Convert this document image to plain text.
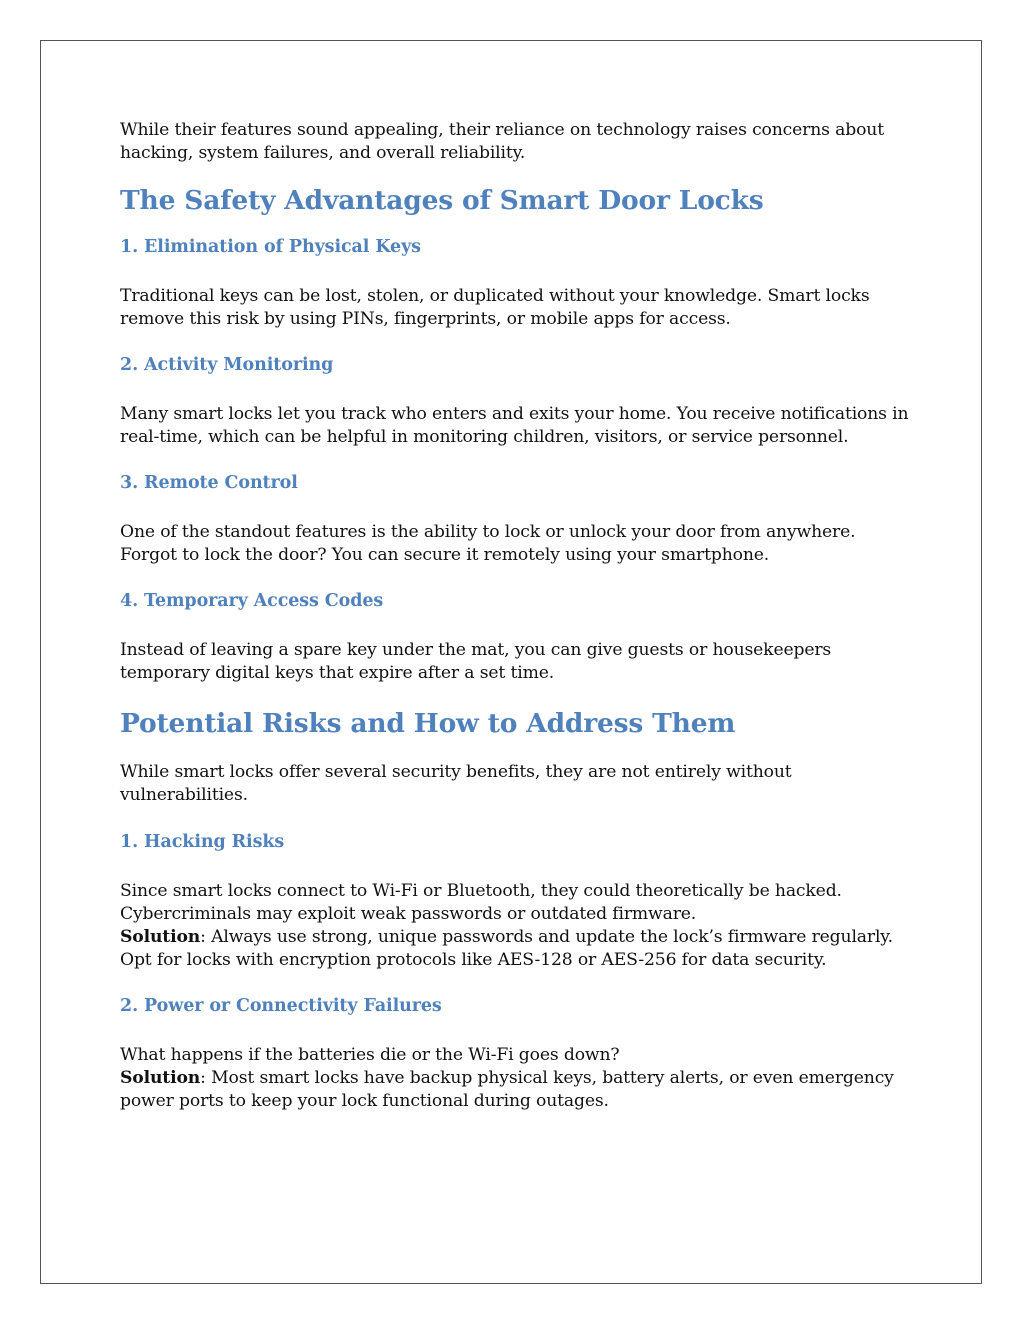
While their features sound appealing, their reliance on technology raises concerns about hacking, system failures, and overall reliability.

The Safety Advantages of Smart Door Locks
1. Elimination of Physical Keys

Traditional keys can be lost, stolen, or duplicated without your knowledge. Smart locks remove this risk by using PINs, fingerprints, or mobile apps for access.

2. Activity Monitoring

Many smart locks let you track who enters and exits your home. You receive notifications in real-time, which can be helpful in monitoring children, visitors, or service personnel.

3. Remote Control

One of the standout features is the ability to lock or unlock your door from anywhere. Forgot to lock the door? You can secure it remotely using your smartphone.

4. Temporary Access Codes

Instead of leaving a spare key under the mat, you can give guests or housekeepers temporary digital keys that expire after a set time.

Potential Risks and How to Address Them

While smart locks offer several security benefits, they are not entirely without vulnerabilities.

1. Hacking Risks

Since smart locks connect to Wi-Fi or Bluetooth, they could theoretically be hacked. Cybercriminals may exploit weak passwords or outdated firmware.
Solution: Always use strong, unique passwords and update the lock’s firmware regularly. Opt for locks with encryption protocols like AES-128 or AES-256 for data security.

2. Power or Connectivity Failures

What happens if the batteries die or the Wi-Fi goes down?
Solution: Most smart locks have backup physical keys, battery alerts, or even emergency power ports to keep your lock functional during outages.
